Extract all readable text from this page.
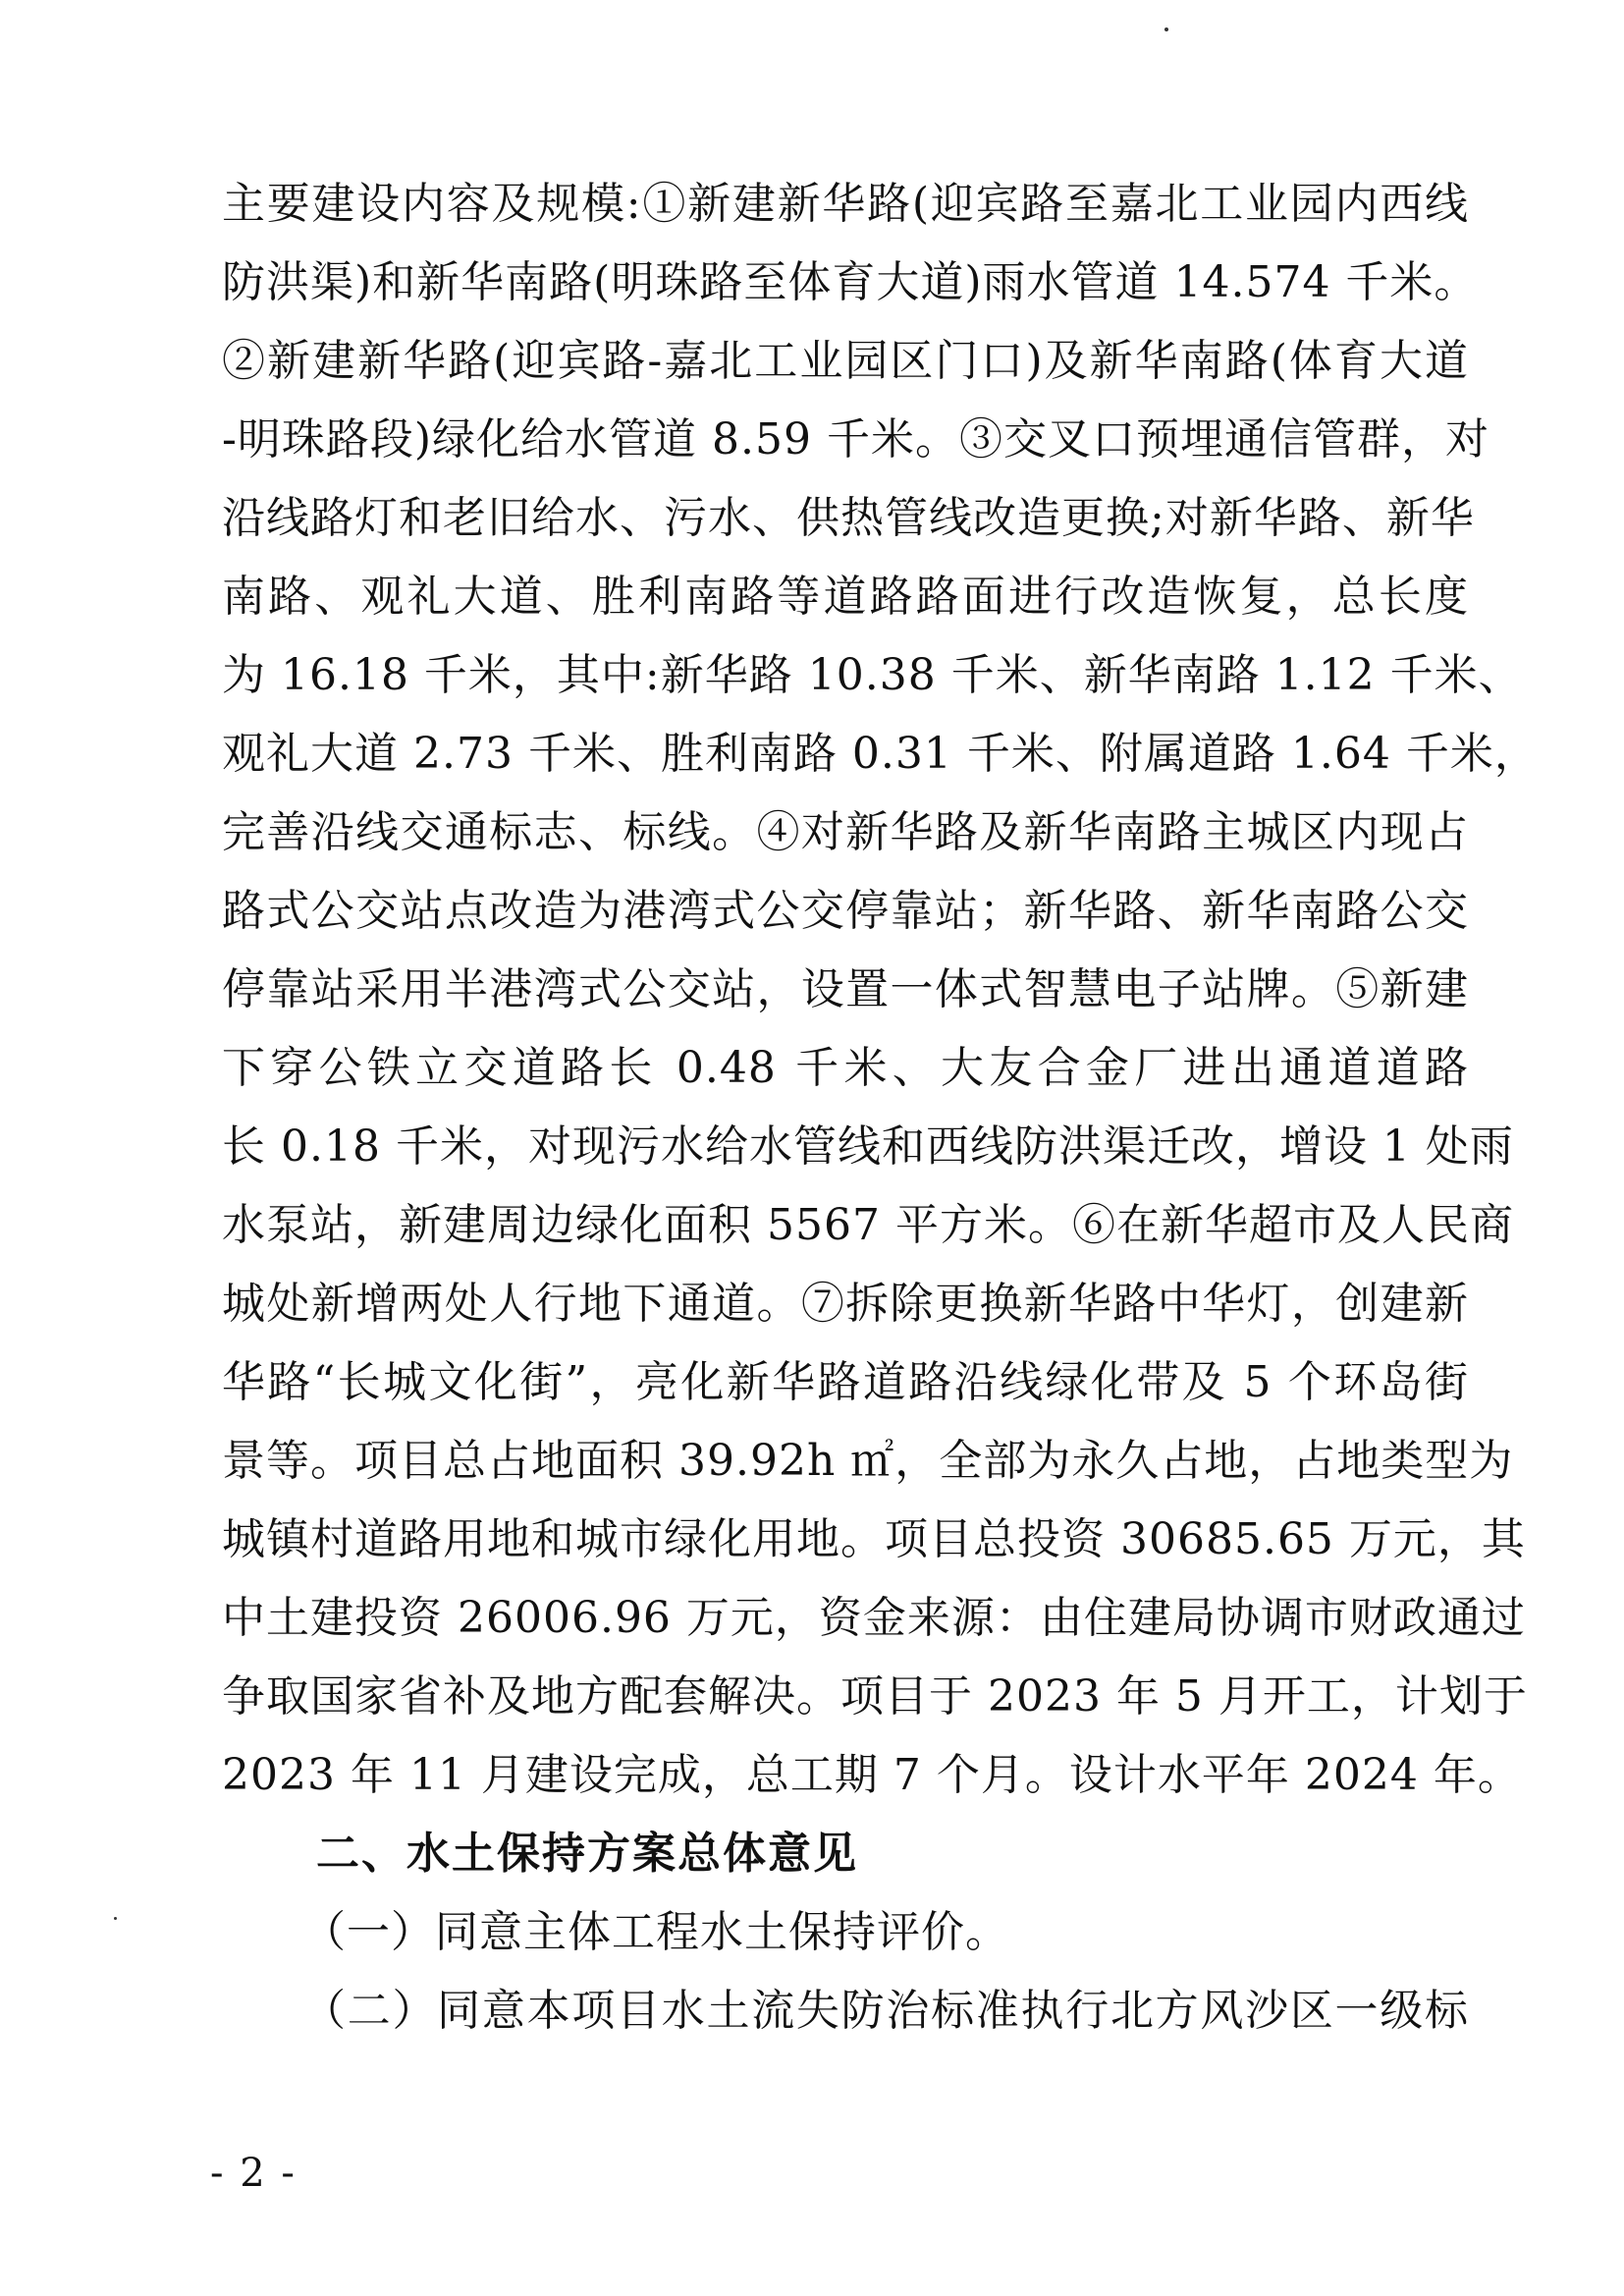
主要建设内容及规模:①新建新华路(迎宾路至嘉北工业园内西线
防洪渠)和新华南路(明珠路至体育大道)雨水管道 14.574 千米。
②新建新华路(迎宾路-嘉北工业园区门口)及新华南路(体育大道
-明珠路段)绿化给水管道 8.59 千米。③交叉口预埋通信管群，对
沿线路灯和老旧给水、污水、供热管线改造更换;对新华路、新华
南路、观礼大道、胜利南路等道路路面进行改造恢复，总长度
为 16.18 千米，其中:新华路 10.38 千米、新华南路 1.12 千米、
观礼大道 2.73 千米、胜利南路 0.31 千米、附属道路 1.64 千米，
完善沿线交通标志、标线。④对新华路及新华南路主城区内现占
路式公交站点改造为港湾式公交停靠站；新华路、新华南路公交
停靠站采用半港湾式公交站，设置一体式智慧电子站牌。⑤新建
下穿公铁立交道路长 0.48 千米、大友合金厂进出通道道路
长 0.18 千米，对现污水给水管线和西线防洪渠迁改，增设 1 处雨
水泵站，新建周边绿化面积 5567 平方米。⑥在新华超市及人民商
城处新增两处人行地下通道。⑦拆除更换新华路中华灯，创建新
华路“长城文化街”，亮化新华路道路沿线绿化带及 5 个环岛街
景等。项目总占地面积 39.92h ㎡，全部为永久占地，占地类型为
城镇村道路用地和城市绿化用地。项目总投资 30685.65 万元，其
中土建投资 26006.96 万元，资金来源：由住建局协调市财政通过
争取国家省补及地方配套解决。项目于 2023 年 5 月开工，计划于
2023 年 11 月建设完成，总工期 7 个月。设计水平年 2024 年。
二、水土保持方案总体意见
（一）同意主体工程水土保持评价。
（二）同意本项目水土流失防治标准执行北方风沙区一级标
- 2 -
